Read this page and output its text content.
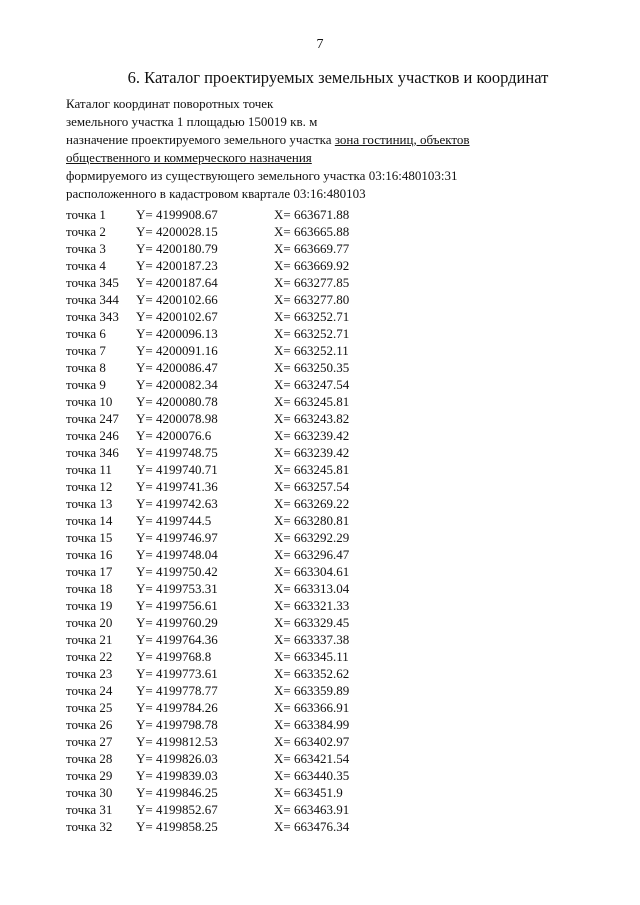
7
6. Каталог проектируемых земельных участков и координат
Каталог координат поворотных точек
земельного участка 1 площадью 150019 кв. м
назначение проектируемого земельного участка зона гостиниц, объектов
общественного и коммерческого назначения
формируемого из существующего земельного участка 03:16:480103:31
расположенного в кадастровом квартале 03:16:480103
точка 1 Y= 4199908.67	X= 663671.88
точка 2 Y= 4200028.15	X= 663665.88
точка 3 Y= 4200180.79	X= 663669.77
точка 4 Y= 4200187.23	X= 663669.92
точка 345 Y= 4200187.64	X= 663277.85
точка 344 Y= 4200102.66	X= 663277.80
точка 343 Y= 4200102.67	X= 663252.71
точка 6 Y= 4200096.13	X= 663252.71
точка 7 Y= 4200091.16	X= 663252.11
точка 8 Y= 4200086.47	X= 663250.35
точка 9 Y= 4200082.34	X= 663247.54
точка 10 Y= 4200080.78	X= 663245.81
точка 247 Y= 4200078.98	X= 663243.82
точка 246 Y= 4200076.6	X= 663239.42
точка 346 Y= 4199748.75	X= 663239.42
точка 11 Y= 4199740.71	X= 663245.81
точка 12 Y= 4199741.36	X= 663257.54
точка 13 Y= 4199742.63	X= 663269.22
точка 14 Y= 4199744.5	X= 663280.81
точка 15 Y= 4199746.97	X= 663292.29
точка 16 Y= 4199748.04	X= 663296.47
точка 17 Y= 4199750.42	X= 663304.61
точка 18 Y= 4199753.31	X= 663313.04
точка 19 Y= 4199756.61	X= 663321.33
точка 20 Y= 4199760.29	X= 663329.45
точка 21 Y= 4199764.36	X= 663337.38
точка 22 Y= 4199768.8	X= 663345.11
точка 23 Y= 4199773.61	X= 663352.62
точка 24 Y= 4199778.77	X= 663359.89
точка 25 Y= 4199784.26	X= 663366.91
точка 26 Y= 4199798.78	X= 663384.99
точка 27 Y= 4199812.53	X= 663402.97
точка 28 Y= 4199826.03	X= 663421.54
точка 29 Y= 4199839.03	X= 663440.35
точка 30 Y= 4199846.25	X= 663451.9
точка 31 Y= 4199852.67	X= 663463.91
точка 32 Y= 4199858.25	X= 663476.34
